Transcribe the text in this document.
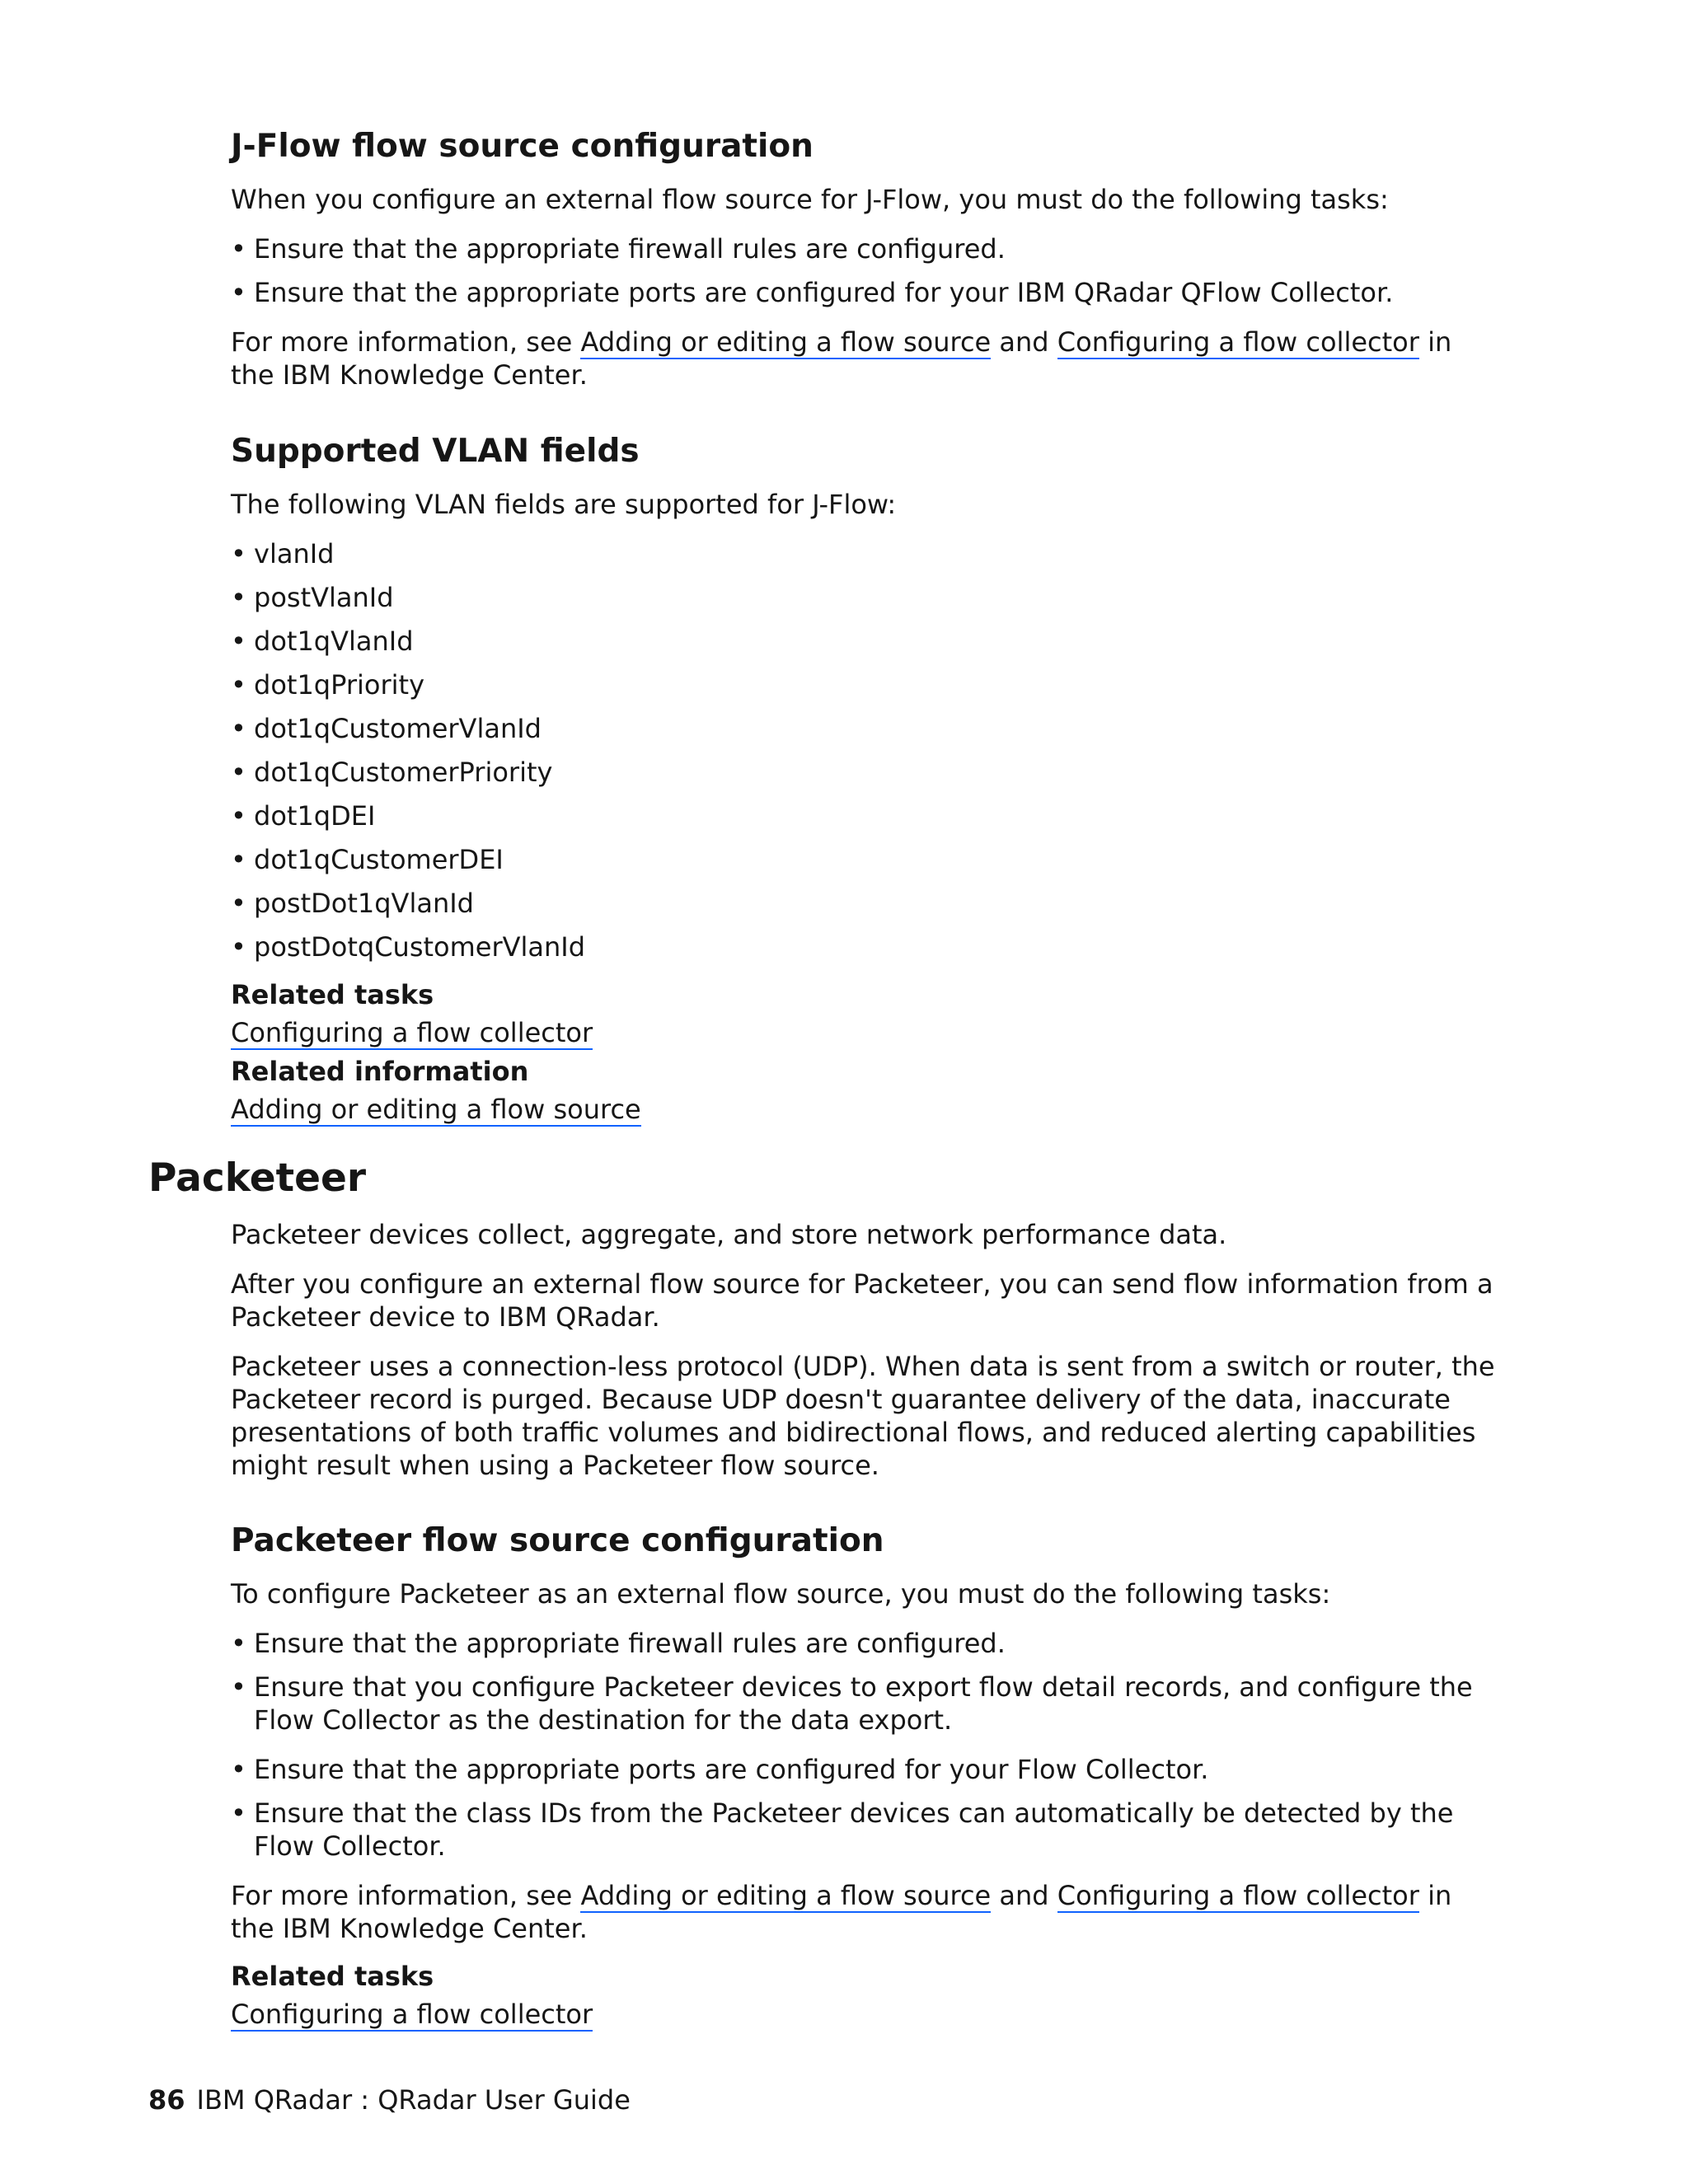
J-Flow flow source configuration

When you configure an external flow source for J-Flow, you must do the following tasks:

• Ensure that the appropriate firewall rules are configured.

• Ensure that the appropriate ports are configured for your IBM QRadar QFlow Collector.

For more information, see Adding or editing a flow source and Configuring a flow collector in the IBM Knowledge Center.

Supported VLAN fields

The following VLAN fields are supported for J-Flow:

• vlanId

• postVlanId

• dot1qVlanId

• dot1qPriority

• dot1qCustomerVlanId

• dot1qCustomerPriority

• dot1qDEI

• dot1qCustomerDEI

• postDot1qVlanId

• postDotqCustomerVlanId

Related tasks

Configuring a flow collector

Related information

Adding or editing a flow source
Packeteer

Packeteer devices collect, aggregate, and store network performance data.

After you configure an external flow source for Packeteer, you can send flow information from a Packeteer device to IBM QRadar.

Packeteer uses a connection-less protocol (UDP). When data is sent from a switch or router, the Packeteer record is purged. Because UDP doesn't guarantee delivery of the data, inaccurate presentations of both traffic volumes and bidirectional flows, and reduced alerting capabilities might result when using a Packeteer flow source.

Packeteer flow source configuration

To configure Packeteer as an external flow source, you must do the following tasks:

• Ensure that the appropriate firewall rules are configured.

• Ensure that you configure Packeteer devices to export flow detail records, and configure the Flow Collector as the destination for the data export.

• Ensure that the appropriate ports are configured for your Flow Collector.

• Ensure that the class IDs from the Packeteer devices can automatically be detected by the Flow Collector.

For more information, see Adding or editing a flow source and Configuring a flow collector in the IBM Knowledge Center.

Related tasks

Configuring a flow collector
86 IBM QRadar : QRadar User Guide
